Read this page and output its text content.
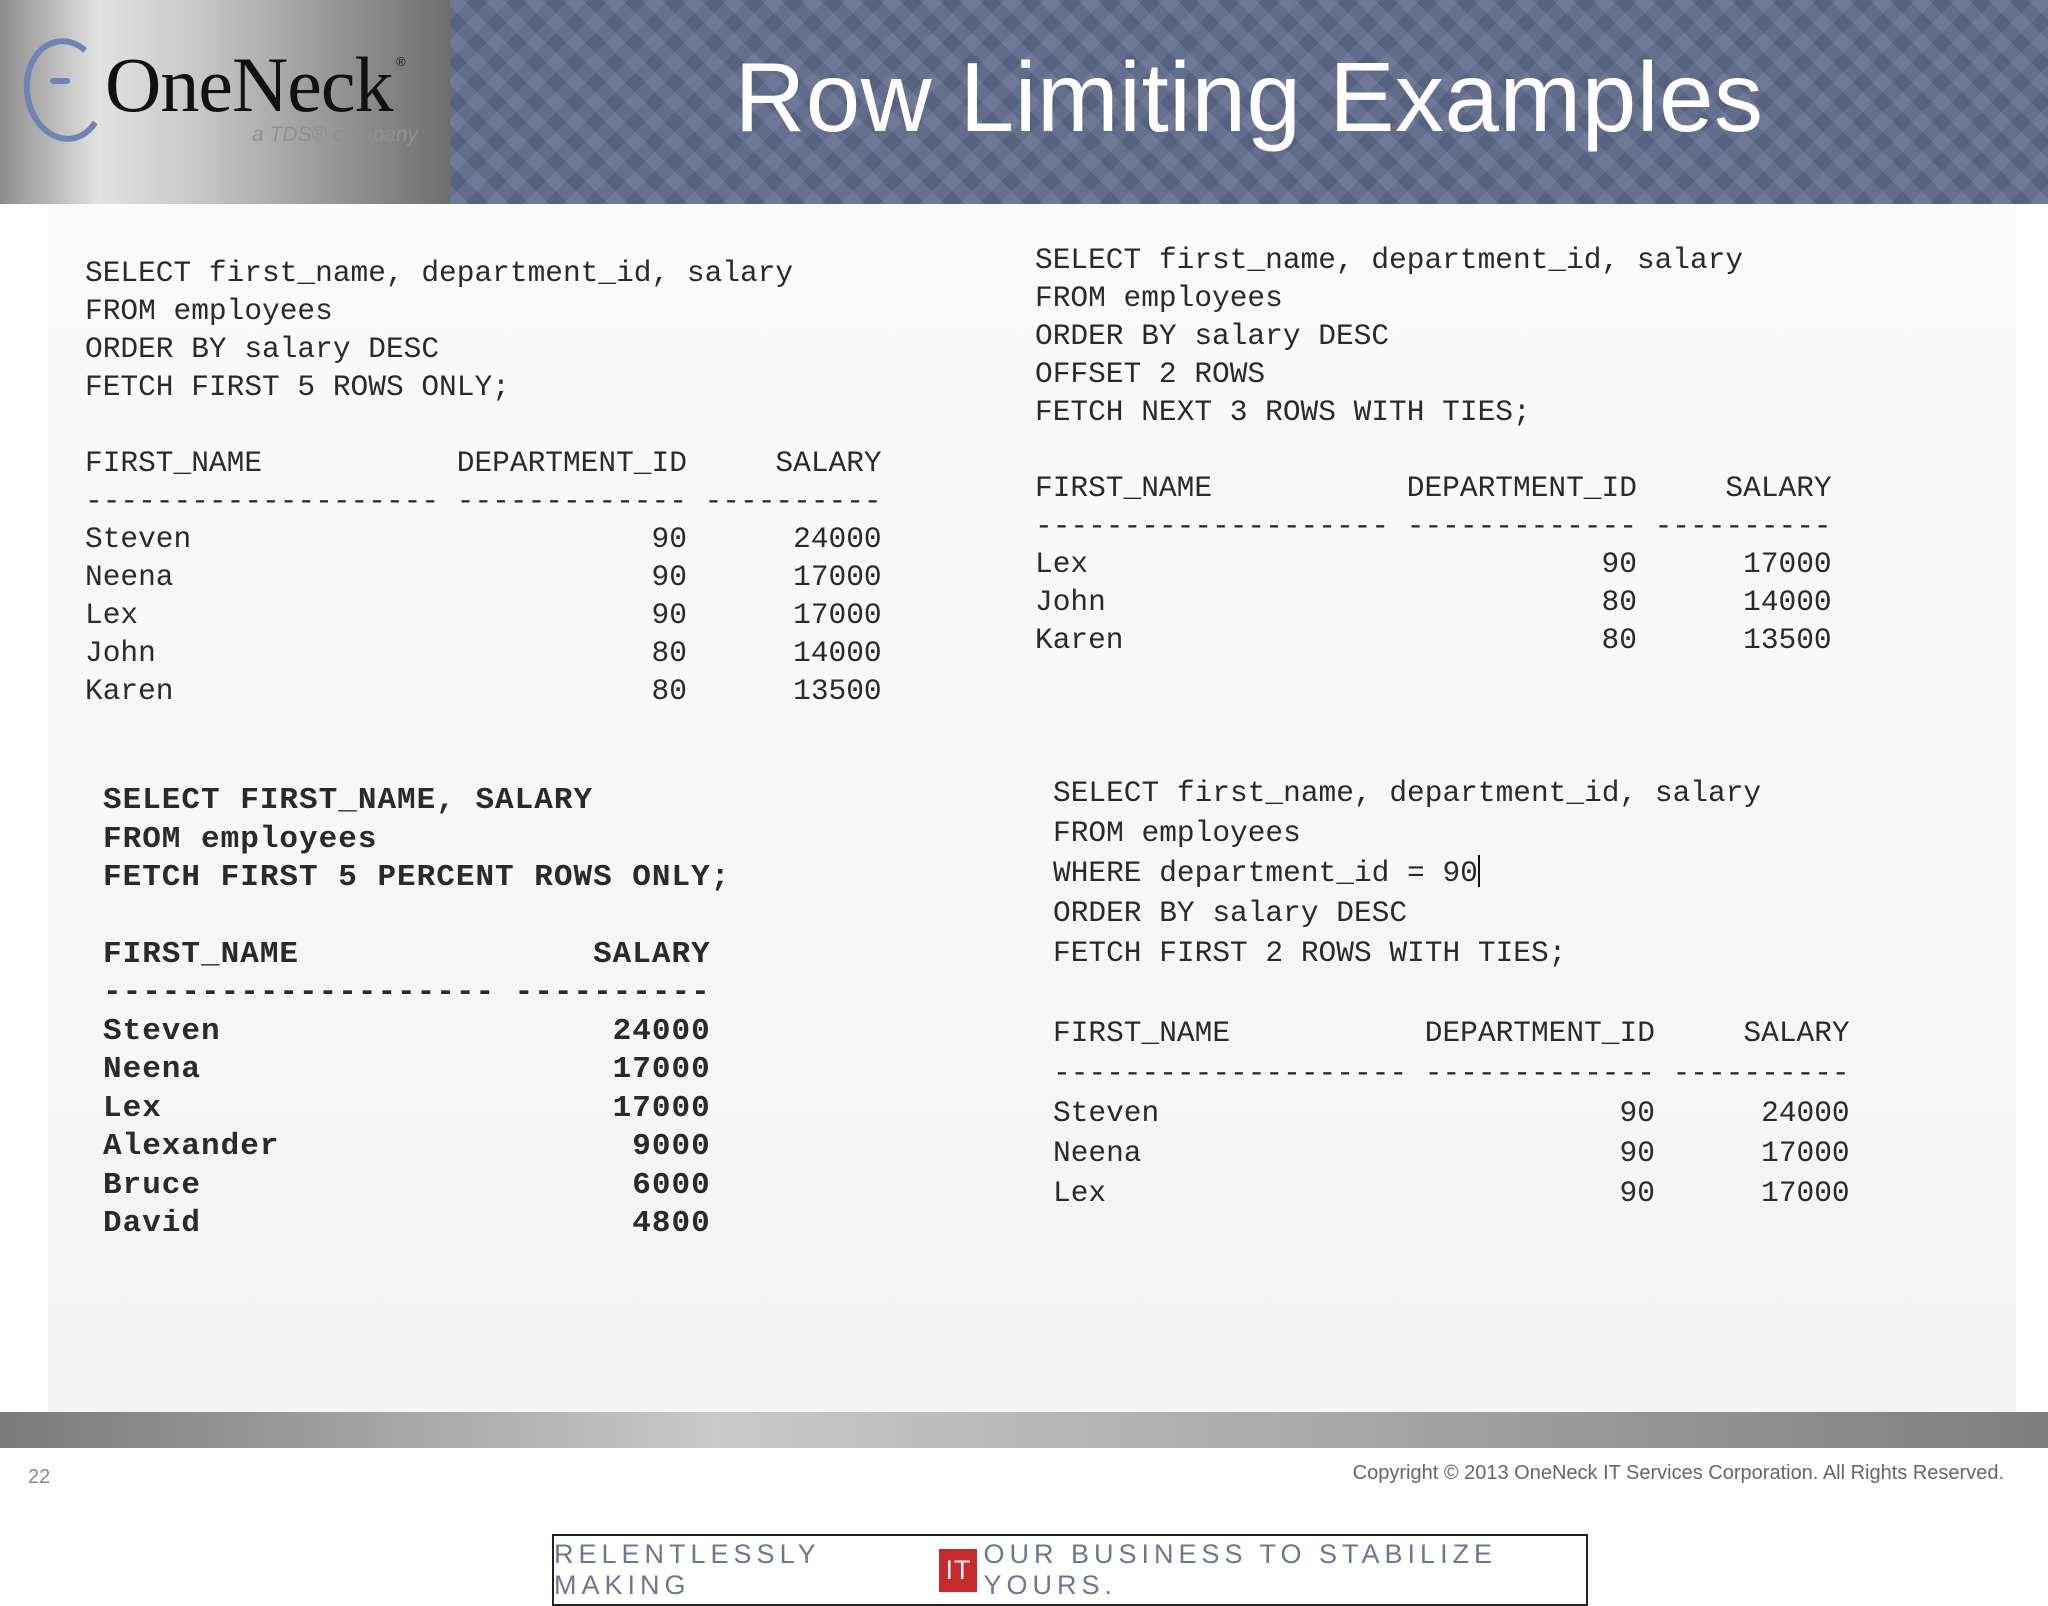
OneNeck ®
a TDS® company	Row Limiting Examples
SELECT first_name, department_id, salary
FROM employees
ORDER BY salary DESC
FETCH FIRST 5 ROWS ONLY;
FIRST_NAME           DEPARTMENT_ID     SALARY
-------------------- ------------- ----------
Steven                          90      24000
Neena                           90      17000
Lex                             90      17000
John                            80      14000
Karen                           80      13500
SELECT first_name, department_id, salary
FROM employees
ORDER BY salary DESC
OFFSET 2 ROWS
FETCH NEXT 3 ROWS WITH TIES;
FIRST_NAME           DEPARTMENT_ID     SALARY
-------------------- ------------- ----------
Lex                             90      17000
John                            80      14000
Karen                           80      13500
SELECT FIRST_NAME, SALARY
FROM employees
FETCH FIRST 5 PERCENT ROWS ONLY;
FIRST_NAME               SALARY
-------------------- ----------
Steven                    24000
Neena                     17000
Lex                       17000
Alexander                  9000
Bruce                      6000
David                      4800
SELECT first_name, department_id, salary
FROM employees
WHERE department_id = 90
ORDER BY salary DESC
FETCH FIRST 2 ROWS WITH TIES;
FIRST_NAME           DEPARTMENT_ID     SALARY
-------------------- ------------- ----------
Steven                          90      24000
Neena                           90      17000
Lex                             90      17000
RELENTLESSLY MAKING
IT
OUR BUSINESS TO STABILIZE YOURS.
22	Copyright © 2013 OneNeck IT Services Corporation. All Rights Reserved.
